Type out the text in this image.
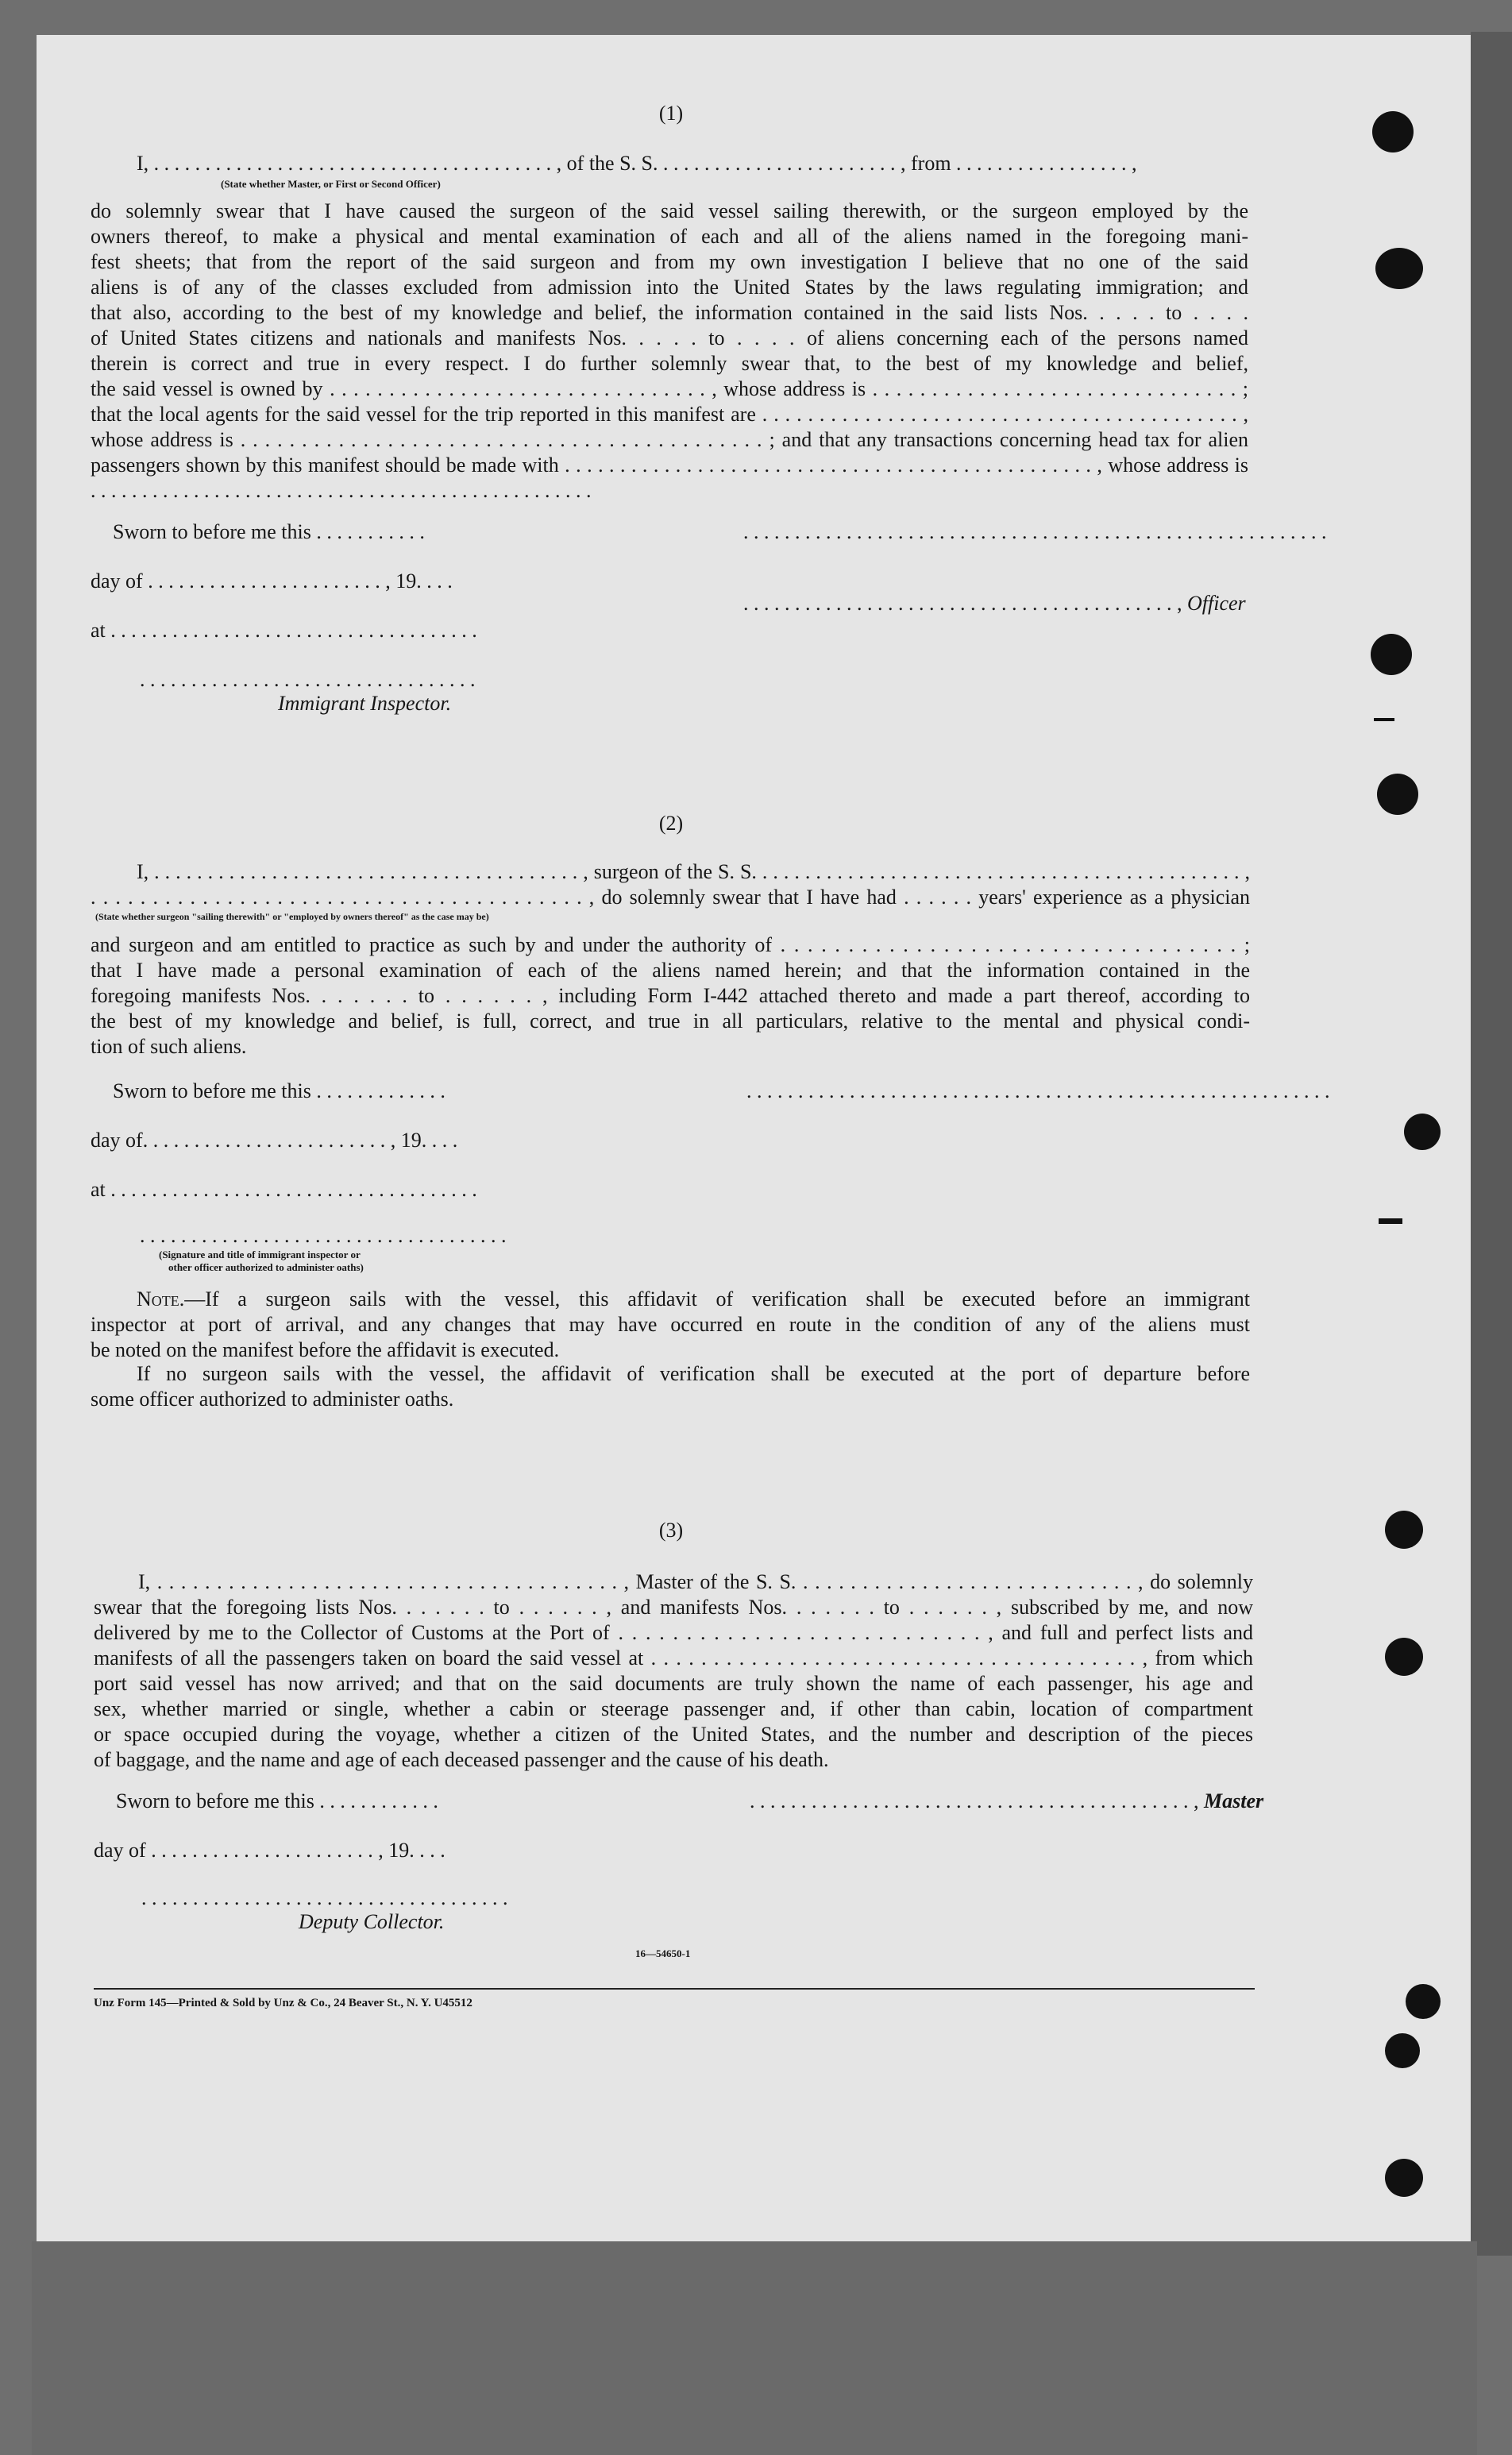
(1)
I, . . . . . . . . . . . . . . . . . . . . . . . . . . . . . . . . . . . . . . . , of the S. S. . . . . . . . . . . . . . . . . . . . . . . . , from . . . . . . . . . . . . . . . . . ,
(State whether Master, or First or Second Officer)
do solemnly swear that I have caused the surgeon of the said vessel sailing therewith, or the surgeon employed by the
owners thereof, to make a physical and mental examination of each and all of the aliens named in the foregoing mani-
fest sheets; that from the report of the said surgeon and from my own investigation I believe that no one of the said
aliens is of any of the classes excluded from admission into the United States by the laws regulating immigration; and
that also, according to the best of my knowledge and belief, the information contained in the said lists Nos. . . . . to . . . .
of United States citizens and nationals and manifests Nos. . . . . to . . . . of aliens concerning each of the persons named
therein is correct and true in every respect. I do further solemnly swear that, to the best of my knowledge and belief,
the said vessel is owned by . . . . . . . . . . . . . . . . . . . . . . . . . . . . . . . . , whose address is . . . . . . . . . . . . . . . . . . . . . . . . . . . . . . . ;
that the local agents for the said vessel for the trip reported in this manifest are . . . . . . . . . . . . . . . . . . . . . . . . . . . . . . . . . . . . . . . . . . ,
whose address is . . . . . . . . . . . . . . . . . . . . . . . . . . . . . . . . . . . . . . . . . . . ; and that any transactions concerning head tax for alien
passengers shown by this manifest should be made with . . . . . . . . . . . . . . . . . . . . . . . . . . . . . . . . . . . . . . . . . . . . . . . . , whose address is
. . . . . . . . . . . . . . . . . . . . . . . . . . . . . . . . . . . . . . . . . . . . . . . . .
Sworn to before me this . . . . . . . . . . .	. . . . . . . . . . . . . . . . . . . . . . . . . . . . . . . . . . . . . . . . . . . . . . . . . . . . . . . . .
day of . . . . . . . . . . . . . . . . . . . . . . . , 19. . . .
. . . . . . . . . . . . . . . . . . . . . . . . . . . . . . . . . . . . . . . . . . , Officer
at . . . . . . . . . . . . . . . . . . . . . . . . . . . . . . . . . . . .
. . . . . . . . . . . . . . . . . . . . . . . . . . . . . . . . .
Immigrant Inspector.
(2)
I, . . . . . . . . . . . . . . . . . . . . . . . . . . . . . . . . . . . . . . . . , surgeon of the S. S. . . . . . . . . . . . . . . . . . . . . . . . . . . . . . . . . . . . . . . . . . . . . . ,
. . . . . . . . . . . . . . . . . . . . . . . . . . . . . . . . . . . . . . . . , do solemnly swear that I have had . . . . . . years' experience as a physician
(State whether surgeon "sailing therewith" or "employed by owners thereof" as the case may be)
and surgeon and am entitled to practice as such by and under the authority of . . . . . . . . . . . . . . . . . . . . . . . . . . . . . . . . . . ;
that I have made a personal examination of each of the aliens named herein; and that the information contained in the
foregoing manifests Nos. . . . . . . to . . . . . . , including Form I-442 attached thereto and made a part thereof, according to
the best of my knowledge and belief, is full, correct, and true in all particulars, relative to the mental and physical condi-
tion of such aliens.
Sworn to before me this . . . . . . . . . . . . .	. . . . . . . . . . . . . . . . . . . . . . . . . . . . . . . . . . . . . . . . . . . . . . . . . . . . . . . . .
day of. . . . . . . . . . . . . . . . . . . . . . . . , 19. . . .
at . . . . . . . . . . . . . . . . . . . . . . . . . . . . . . . . . . . .
. . . . . . . . . . . . . . . . . . . . . . . . . . . . . . . . . . . .
(Signature and title of immigrant inspector or
other officer authorized to administer oaths)
Note.—If a surgeon sails with the vessel, this affidavit of verification shall be executed before an immigrant
inspector at port of arrival, and any changes that may have occurred en route in the condition of any of the aliens must
be noted on the manifest before the affidavit is executed.
If no surgeon sails with the vessel, the affidavit of verification shall be executed at the port of departure before
some officer authorized to administer oaths.
(3)
I, . . . . . . . . . . . . . . . . . . . . . . . . . . . . . . . . . . . . . . . , Master of the S. S. . . . . . . . . . . . . . . . . . . . . . . . . . . . . , do solemnly
swear that the foregoing lists Nos. . . . . . . to . . . . . . , and manifests Nos. . . . . . . to . . . . . . , subscribed by me, and now
delivered by me to the Collector of Customs at the Port of . . . . . . . . . . . . . . . . . . . . . . . . . . . , and full and perfect lists and
manifests of all the passengers taken on board the said vessel at . . . . . . . . . . . . . . . . . . . . . . . . . . . . . . . . . . . . . . . , from which
port said vessel has now arrived; and that on the said documents are truly shown the name of each passenger, his age and
sex, whether married or single, whether a cabin or steerage passenger and, if other than cabin, location of compartment
or space occupied during the voyage, whether a citizen of the United States, and the number and description of the pieces
of baggage, and the name and age of each deceased passenger and the cause of his death.
Sworn to before me this . . . . . . . . . . . .	. . . . . . . . . . . . . . . . . . . . . . . . . . . . . . . . . . . . . . . . . . . , Master
day of . . . . . . . . . . . . . . . . . . . . . . , 19. . . .
. . . . . . . . . . . . . . . . . . . . . . . . . . . . . . . . . . . .
Deputy Collector.
16—54650-1
Unz Form 145—Printed & Sold by Unz & Co., 24 Beaver St., N. Y. U45512
